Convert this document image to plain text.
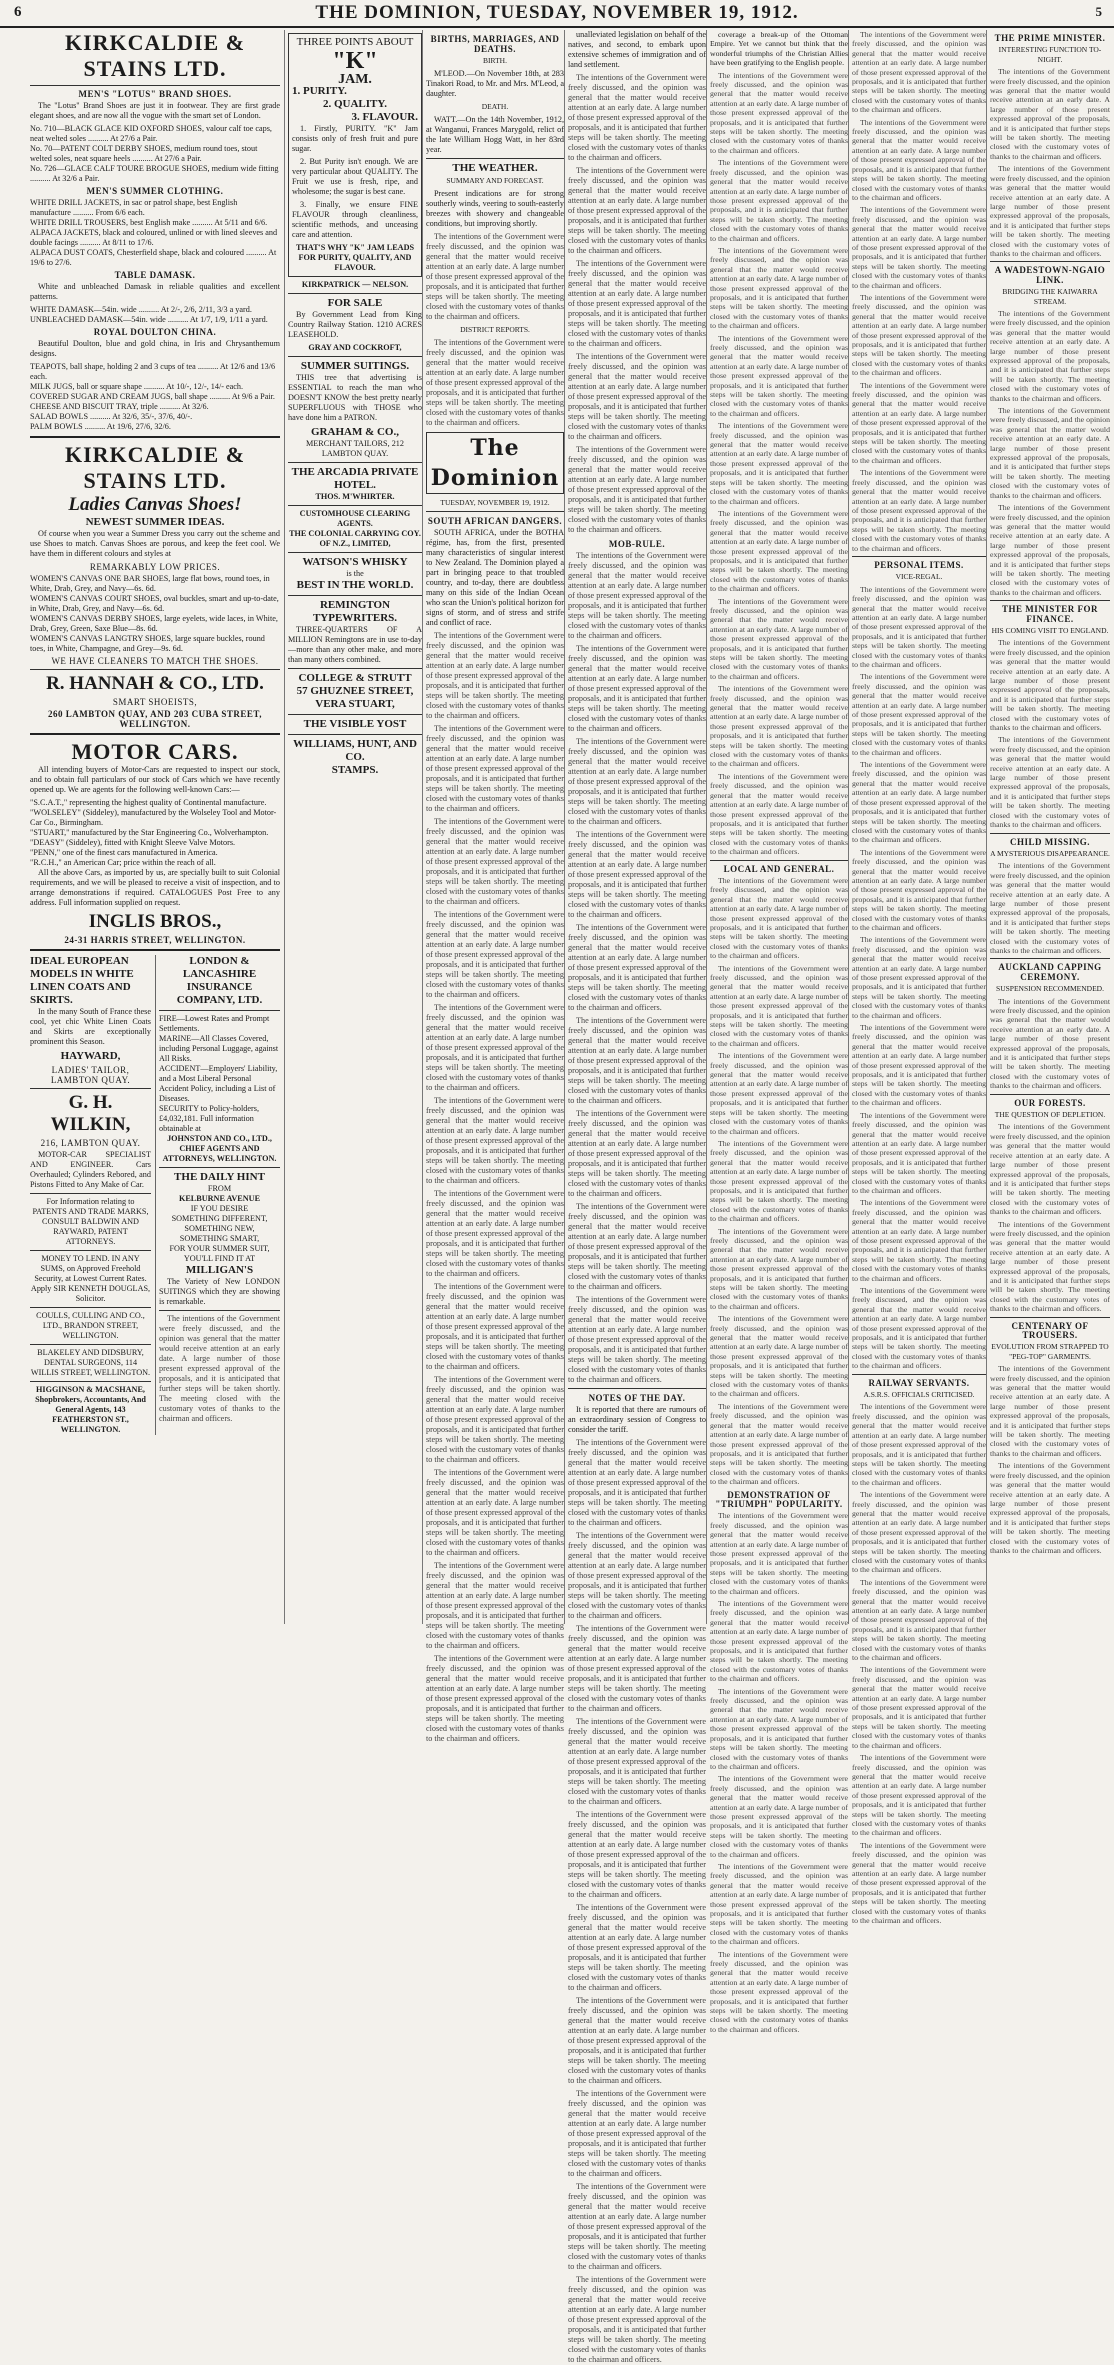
6	THE DOMINION, TUESDAY, NOVEMBER 19, 1912.	5
KIRKCALDIE & STAINS LTD.
MEN'S "LOTUS" BRAND SHOES.

The "Lotus" Brand Shoes are just it in footwear. They are first grade elegant shoes, and are now all the vogue with the smart set of London.

No. 710—BLACK GLACE KID OXFORD SHOES, valour calf toe caps, neat welted soles .......... At 27/6 a Pair.
No. 70—PATENT COLT DERBY SHOES, medium round toes, stout welted soles, neat square heels .......... At 27/6 a Pair.
No. 726—GLACE CALF TOURE BROGUE SHOES, medium wide fitting .......... At 32/6 a Pair.
MEN'S SUMMER CLOTHING.
WHITE DRILL JACKETS, in sac or patrol shape, best English manufacture .......... From 6/6 each.
WHITE DRILL TROUSERS, best English make .......... At 5/11 and 6/6.
ALPACA JACKETS, black and coloured, unlined or with lined sleeves and double facings .......... At 8/11 to 17/6.
ALPACA DUST COATS, Chesterfield shape, black and coloured .......... At 19/6 to 27/6.
TABLE DAMASK.

White and unbleached Damask in reliable qualities and excellent patterns.

WHITE DAMASK—54in. wide .......... At 2/-, 2/6, 2/11, 3/3 a yard.
UNBLEACHED DAMASK—54in. wide .......... At 1/7, 1/9, 1/11 a yard.
ROYAL DOULTON CHINA.

Beautiful Doulton, blue and gold china, in Iris and Chrysanthemum designs.

TEAPOTS, ball shape, holding 2 and 3 cups of tea .......... At 12/6 and 13/6 each.
MILK JUGS, ball or square shape .......... At 10/-, 12/-, 14/- each.
COVERED SUGAR AND CREAM JUGS, ball shape .......... At 9/6 a Pair.
CHEESE AND BISCUIT TRAY, triple .......... At 32/6.
SALAD BOWLS .......... At 32/6, 35/-, 37/6, 40/-.
PALM BOWLS .......... At 19/6, 27/6, 32/6.
KIRKCALDIE & STAINS LTD.
Ladies Canvas Shoes!
NEWEST SUMMER IDEAS.

Of course when you wear a Summer Dress you carry out the scheme and use Shoes to match. Canvas Shoes are porous, and keep the feet cool. We have them in different colours and styles at

REMARKABLY LOW PRICES.
WOMEN'S CANVAS ONE BAR SHOES, large flat bows, round toes, in White, Drab, Grey, and Navy—6s. 6d.
WOMEN'S CANVAS COURT SHOES, oval buckles, smart and up-to-date, in White, Drab, Grey, and Navy—6s. 6d.
WOMEN'S CANVAS DERBY SHOES, large eyelets, wide laces, in White, Drab, Grey, Green, Saxe Blue—8s. 6d.
WOMEN'S CANVAS LANGTRY SHOES, large square buckles, round toes, in White, Champagne, and Grey—9s. 6d.
WE HAVE CLEANERS TO MATCH THE SHOES.
R. HANNAH & CO., LTD.
SMART SHOEISTS,
260 LAMBTON QUAY, AND 203 CUBA STREET, WELLINGTON.
MOTOR CARS.

All intending buyers of Motor-Cars are requested to inspect our stock, and to obtain full particulars of our stock of Cars which we have recently opened up. We are agents for the following well-known Cars:—

"S.C.A.T.," representing the highest quality of Continental manufacture.
"WOLSELEY" (Siddeley), manufactured by the Wolseley Tool and Motor-Car Co., Birmingham.
"STUART," manufactured by the Star Engineering Co., Wolverhampton.
"DEASY" (Siddeley), fitted with Knight Sleeve Valve Motors.
"PENN," one of the finest cars manufactured in America.
"R.C.H.," an American Car; price within the reach of all.

All the above Cars, as imported by us, are specially built to suit Colonial requirements, and we will be pleased to receive a visit of inspection, and to arrange demonstrations if required. CATALOGUES Post Free to any address. Full information supplied on request.

INGLIS BROS.,
24-31 HARRIS STREET, WELLINGTON.
IDEAL EUROPEAN MODELS IN WHITE LINEN COATS AND SKIRTS.

In the many South of France these cool, yet chic White Linen Coats and Skirts are exceptionally prominent this Season.

HAYWARD,
LADIES' TAILOR, LAMBTON QUAY.
G. H. WILKIN,
216, LAMBTON QUAY.

MOTOR-CAR SPECIALIST AND ENGINEER. Cars Overhauled; Cylinders Rebored, and Pistons Fitted to Any Make of Car.

For Information relating to PATENTS AND TRADE MARKS, CONSULT BALDWIN AND RAYWARD, PATENT ATTORNEYS.
MONEY TO LEND. IN ANY SUMS, on Approved Freehold Security, at Lowest Current Rates. Apply SIR KENNETH DOUGLAS, Solicitor.
COULLS, CULLING AND CO., LTD., BRANDON STREET, WELLINGTON.
BLAKELEY AND DIDSBURY, DENTAL SURGEONS, 114 WILLIS STREET, WELLINGTON.
HIGGINSON & MACSHANE, Shopbrokers, Accountants, And General Agents, 143 FEATHERSTON ST., WELLINGTON.
LONDON & LANCASHIRE INSURANCE COMPANY, LTD.
FIRE—Lowest Rates and Prompt Settlements.
MARINE—All Classes Covered, including Personal Luggage, against All Risks.
ACCIDENT—Employers' Liability, and a Most Liberal Personal Accident Policy, including a List of Diseases.
SECURITY to Policy-holders, £4,032,181. Full information obtainable at
JOHNSTON AND CO., LTD., CHIEF AGENTS AND ATTORNEYS, WELLINGTON.
THE DAILY HINT
FROM
KELBURNE AVENUE
IF YOU DESIRE
SOMETHING DIFFERENT,
SOMETHING NEW,
SOMETHING SMART,
FOR YOUR SUMMER SUIT, YOU'LL FIND IT AT
MILLIGAN'S

The Variety of New LONDON SUITINGS which they are showing is remarkable.

The intentions of the Government were freely discussed, and the opinion was general that the matter would receive attention at an early date. A large number of those present expressed approval of the proposals, and it is anticipated that further steps will be taken shortly. The meeting closed with the customary votes of thanks to the chairman and officers.

THREE POINTS ABOUT
"K"
JAM.
1. PURITY.
2. QUALITY.
3. FLAVOUR.

1. Firstly, PURITY. "K" Jam consists only of fresh fruit and pure sugar.

2. But Purity isn't enough. We are very particular about QUALITY. The Fruit we use is fresh, ripe, and wholesome; the sugar is best cane.

3. Finally, we ensure FINE FLAVOUR through cleanliness, scientific methods, and unceasing care and attention.

THAT'S WHY "K" JAM LEADS FOR PURITY, QUALITY, AND FLAVOUR.
KIRKPATRICK — NELSON.
FOR SALE

By Government Lead from King Country Railway Station. 1210 ACRES LEASEHOLD.

GRAY AND COCKROFT,
SUMMER SUITINGS.

THIS tree that advertising is ESSENTIAL to reach the man who DOESN'T KNOW the best pretty nearly SUPERFLUOUS with THOSE who have done him a PATRON.

GRAHAM & CO.,
MERCHANT TAILORS, 212 LAMBTON QUAY.
THE ARCADIA PRIVATE HOTEL.
THOS. M'WHIRTER.
CUSTOMHOUSE CLEARING AGENTS.
THE COLONIAL CARRYING COY. OF N.Z., LIMITED,
WATSON'S WHISKY
is the
BEST IN THE WORLD.
REMINGTON TYPEWRITERS.

THREE-QUARTERS OF A MILLION Remingtons are in use to-day—more than any other make, and more than many others combined.

COLLEGE & STRUTT
57 GHUZNEE STREET,
VERA STUART,
THE VISIBLE YOST
WILLIAMS, HUNT, AND CO.
STAMPS.
BIRTHS, MARRIAGES, AND DEATHS.
BIRTH.

M'LEOD.—On November 18th, at 283 Tinakori Road, to Mr. and Mrs. M'Leod, a daughter.

DEATH.

WATT.—On the 14th November, 1912, at Wanganui, Frances Marygold, relict of the late William Hogg Watt, in her 83rd year.

THE WEATHER.
SUMMARY AND FORECAST.

Present indications are for strong southerly winds, veering to south-easterly breezes with showery and changeable conditions, but improving shortly.

The intentions of the Government were freely discussed, and the opinion was general that the matter would receive attention at an early date. A large number of those present expressed approval of the proposals, and it is anticipated that further steps will be taken shortly. The meeting closed with the customary votes of thanks to the chairman and officers.

DISTRICT REPORTS.

The intentions of the Government were freely discussed, and the opinion was general that the matter would receive attention at an early date. A large number of those present expressed approval of the proposals, and it is anticipated that further steps will be taken shortly. The meeting closed with the customary votes of thanks to the chairman and officers.

The Dominion
TUESDAY, NOVEMBER 19, 1912.
SOUTH AFRICAN DANGERS.

SOUTH AFRICA, under the BOTHA régime, has, from the first, presented many characteristics of singular interest to New Zealand. The Dominion played a part in bringing peace to that troubled country, and to-day, there are doubtless many on this side of the Indian Ocean who scan the Union's political horizon for signs of storm, and of stress and strife and conflict of race.

The intentions of the Government were freely discussed, and the opinion was general that the matter would receive attention at an early date. A large number of those present expressed approval of the proposals, and it is anticipated that further steps will be taken shortly. The meeting closed with the customary votes of thanks to the chairman and officers.

The intentions of the Government were freely discussed, and the opinion was general that the matter would receive attention at an early date. A large number of those present expressed approval of the proposals, and it is anticipated that further steps will be taken shortly. The meeting closed with the customary votes of thanks to the chairman and officers.

The intentions of the Government were freely discussed, and the opinion was general that the matter would receive attention at an early date. A large number of those present expressed approval of the proposals, and it is anticipated that further steps will be taken shortly. The meeting closed with the customary votes of thanks to the chairman and officers.

The intentions of the Government were freely discussed, and the opinion was general that the matter would receive attention at an early date. A large number of those present expressed approval of the proposals, and it is anticipated that further steps will be taken shortly. The meeting closed with the customary votes of thanks to the chairman and officers.

The intentions of the Government were freely discussed, and the opinion was general that the matter would receive attention at an early date. A large number of those present expressed approval of the proposals, and it is anticipated that further steps will be taken shortly. The meeting closed with the customary votes of thanks to the chairman and officers.

The intentions of the Government were freely discussed, and the opinion was general that the matter would receive attention at an early date. A large number of those present expressed approval of the proposals, and it is anticipated that further steps will be taken shortly. The meeting closed with the customary votes of thanks to the chairman and officers.

The intentions of the Government were freely discussed, and the opinion was general that the matter would receive attention at an early date. A large number of those present expressed approval of the proposals, and it is anticipated that further steps will be taken shortly. The meeting closed with the customary votes of thanks to the chairman and officers.

The intentions of the Government were freely discussed, and the opinion was general that the matter would receive attention at an early date. A large number of those present expressed approval of the proposals, and it is anticipated that further steps will be taken shortly. The meeting closed with the customary votes of thanks to the chairman and officers.

The intentions of the Government were freely discussed, and the opinion was general that the matter would receive attention at an early date. A large number of those present expressed approval of the proposals, and it is anticipated that further steps will be taken shortly. The meeting closed with the customary votes of thanks to the chairman and officers.

The intentions of the Government were freely discussed, and the opinion was general that the matter would receive attention at an early date. A large number of those present expressed approval of the proposals, and it is anticipated that further steps will be taken shortly. The meeting closed with the customary votes of thanks to the chairman and officers.

The intentions of the Government were freely discussed, and the opinion was general that the matter would receive attention at an early date. A large number of those present expressed approval of the proposals, and it is anticipated that further steps will be taken shortly. The meeting closed with the customary votes of thanks to the chairman and officers.

The intentions of the Government were freely discussed, and the opinion was general that the matter would receive attention at an early date. A large number of those present expressed approval of the proposals, and it is anticipated that further steps will be taken shortly. The meeting closed with the customary votes of thanks to the chairman and officers.

unalleviated legislation on behalf of the natives, and second, to embark upon extensive schemes of immigration and of land settlement.

The intentions of the Government were freely discussed, and the opinion was general that the matter would receive attention at an early date. A large number of those present expressed approval of the proposals, and it is anticipated that further steps will be taken shortly. The meeting closed with the customary votes of thanks to the chairman and officers.

The intentions of the Government were freely discussed, and the opinion was general that the matter would receive attention at an early date. A large number of those present expressed approval of the proposals, and it is anticipated that further steps will be taken shortly. The meeting closed with the customary votes of thanks to the chairman and officers.

The intentions of the Government were freely discussed, and the opinion was general that the matter would receive attention at an early date. A large number of those present expressed approval of the proposals, and it is anticipated that further steps will be taken shortly. The meeting closed with the customary votes of thanks to the chairman and officers.

The intentions of the Government were freely discussed, and the opinion was general that the matter would receive attention at an early date. A large number of those present expressed approval of the proposals, and it is anticipated that further steps will be taken shortly. The meeting closed with the customary votes of thanks to the chairman and officers.

The intentions of the Government were freely discussed, and the opinion was general that the matter would receive attention at an early date. A large number of those present expressed approval of the proposals, and it is anticipated that further steps will be taken shortly. The meeting closed with the customary votes of thanks to the chairman and officers.

MOB-RULE.

The intentions of the Government were freely discussed, and the opinion was general that the matter would receive attention at an early date. A large number of those present expressed approval of the proposals, and it is anticipated that further steps will be taken shortly. The meeting closed with the customary votes of thanks to the chairman and officers.

The intentions of the Government were freely discussed, and the opinion was general that the matter would receive attention at an early date. A large number of those present expressed approval of the proposals, and it is anticipated that further steps will be taken shortly. The meeting closed with the customary votes of thanks to the chairman and officers.

The intentions of the Government were freely discussed, and the opinion was general that the matter would receive attention at an early date. A large number of those present expressed approval of the proposals, and it is anticipated that further steps will be taken shortly. The meeting closed with the customary votes of thanks to the chairman and officers.

The intentions of the Government were freely discussed, and the opinion was general that the matter would receive attention at an early date. A large number of those present expressed approval of the proposals, and it is anticipated that further steps will be taken shortly. The meeting closed with the customary votes of thanks to the chairman and officers.

The intentions of the Government were freely discussed, and the opinion was general that the matter would receive attention at an early date. A large number of those present expressed approval of the proposals, and it is anticipated that further steps will be taken shortly. The meeting closed with the customary votes of thanks to the chairman and officers.

The intentions of the Government were freely discussed, and the opinion was general that the matter would receive attention at an early date. A large number of those present expressed approval of the proposals, and it is anticipated that further steps will be taken shortly. The meeting closed with the customary votes of thanks to the chairman and officers.

The intentions of the Government were freely discussed, and the opinion was general that the matter would receive attention at an early date. A large number of those present expressed approval of the proposals, and it is anticipated that further steps will be taken shortly. The meeting closed with the customary votes of thanks to the chairman and officers.

The intentions of the Government were freely discussed, and the opinion was general that the matter would receive attention at an early date. A large number of those present expressed approval of the proposals, and it is anticipated that further steps will be taken shortly. The meeting closed with the customary votes of thanks to the chairman and officers.

The intentions of the Government were freely discussed, and the opinion was general that the matter would receive attention at an early date. A large number of those present expressed approval of the proposals, and it is anticipated that further steps will be taken shortly. The meeting closed with the customary votes of thanks to the chairman and officers.

NOTES OF THE DAY.

It is reported that there are rumours of an extraordinary session of Congress to consider the tariff.

The intentions of the Government were freely discussed, and the opinion was general that the matter would receive attention at an early date. A large number of those present expressed approval of the proposals, and it is anticipated that further steps will be taken shortly. The meeting closed with the customary votes of thanks to the chairman and officers.

The intentions of the Government were freely discussed, and the opinion was general that the matter would receive attention at an early date. A large number of those present expressed approval of the proposals, and it is anticipated that further steps will be taken shortly. The meeting closed with the customary votes of thanks to the chairman and officers.

The intentions of the Government were freely discussed, and the opinion was general that the matter would receive attention at an early date. A large number of those present expressed approval of the proposals, and it is anticipated that further steps will be taken shortly. The meeting closed with the customary votes of thanks to the chairman and officers.

The intentions of the Government were freely discussed, and the opinion was general that the matter would receive attention at an early date. A large number of those present expressed approval of the proposals, and it is anticipated that further steps will be taken shortly. The meeting closed with the customary votes of thanks to the chairman and officers.

The intentions of the Government were freely discussed, and the opinion was general that the matter would receive attention at an early date. A large number of those present expressed approval of the proposals, and it is anticipated that further steps will be taken shortly. The meeting closed with the customary votes of thanks to the chairman and officers.

The intentions of the Government were freely discussed, and the opinion was general that the matter would receive attention at an early date. A large number of those present expressed approval of the proposals, and it is anticipated that further steps will be taken shortly. The meeting closed with the customary votes of thanks to the chairman and officers.

The intentions of the Government were freely discussed, and the opinion was general that the matter would receive attention at an early date. A large number of those present expressed approval of the proposals, and it is anticipated that further steps will be taken shortly. The meeting closed with the customary votes of thanks to the chairman and officers.

The intentions of the Government were freely discussed, and the opinion was general that the matter would receive attention at an early date. A large number of those present expressed approval of the proposals, and it is anticipated that further steps will be taken shortly. The meeting closed with the customary votes of thanks to the chairman and officers.

The intentions of the Government were freely discussed, and the opinion was general that the matter would receive attention at an early date. A large number of those present expressed approval of the proposals, and it is anticipated that further steps will be taken shortly. The meeting closed with the customary votes of thanks to the chairman and officers.

The intentions of the Government were freely discussed, and the opinion was general that the matter would receive attention at an early date. A large number of those present expressed approval of the proposals, and it is anticipated that further steps will be taken shortly. The meeting closed with the customary votes of thanks to the chairman and officers.

coverage a break-up of the Ottoman Empire. Yet we cannot but think that the wonderful triumphs of the Christian Allies have been gratifying to the English people.

The intentions of the Government were freely discussed, and the opinion was general that the matter would receive attention at an early date. A large number of those present expressed approval of the proposals, and it is anticipated that further steps will be taken shortly. The meeting closed with the customary votes of thanks to the chairman and officers.

The intentions of the Government were freely discussed, and the opinion was general that the matter would receive attention at an early date. A large number of those present expressed approval of the proposals, and it is anticipated that further steps will be taken shortly. The meeting closed with the customary votes of thanks to the chairman and officers.

The intentions of the Government were freely discussed, and the opinion was general that the matter would receive attention at an early date. A large number of those present expressed approval of the proposals, and it is anticipated that further steps will be taken shortly. The meeting closed with the customary votes of thanks to the chairman and officers.

The intentions of the Government were freely discussed, and the opinion was general that the matter would receive attention at an early date. A large number of those present expressed approval of the proposals, and it is anticipated that further steps will be taken shortly. The meeting closed with the customary votes of thanks to the chairman and officers.

The intentions of the Government were freely discussed, and the opinion was general that the matter would receive attention at an early date. A large number of those present expressed approval of the proposals, and it is anticipated that further steps will be taken shortly. The meeting closed with the customary votes of thanks to the chairman and officers.

The intentions of the Government were freely discussed, and the opinion was general that the matter would receive attention at an early date. A large number of those present expressed approval of the proposals, and it is anticipated that further steps will be taken shortly. The meeting closed with the customary votes of thanks to the chairman and officers.

The intentions of the Government were freely discussed, and the opinion was general that the matter would receive attention at an early date. A large number of those present expressed approval of the proposals, and it is anticipated that further steps will be taken shortly. The meeting closed with the customary votes of thanks to the chairman and officers.

The intentions of the Government were freely discussed, and the opinion was general that the matter would receive attention at an early date. A large number of those present expressed approval of the proposals, and it is anticipated that further steps will be taken shortly. The meeting closed with the customary votes of thanks to the chairman and officers.

The intentions of the Government were freely discussed, and the opinion was general that the matter would receive attention at an early date. A large number of those present expressed approval of the proposals, and it is anticipated that further steps will be taken shortly. The meeting closed with the customary votes of thanks to the chairman and officers.

LOCAL AND GENERAL.

The intentions of the Government were freely discussed, and the opinion was general that the matter would receive attention at an early date. A large number of those present expressed approval of the proposals, and it is anticipated that further steps will be taken shortly. The meeting closed with the customary votes of thanks to the chairman and officers.

The intentions of the Government were freely discussed, and the opinion was general that the matter would receive attention at an early date. A large number of those present expressed approval of the proposals, and it is anticipated that further steps will be taken shortly. The meeting closed with the customary votes of thanks to the chairman and officers.

The intentions of the Government were freely discussed, and the opinion was general that the matter would receive attention at an early date. A large number of those present expressed approval of the proposals, and it is anticipated that further steps will be taken shortly. The meeting closed with the customary votes of thanks to the chairman and officers.

The intentions of the Government were freely discussed, and the opinion was general that the matter would receive attention at an early date. A large number of those present expressed approval of the proposals, and it is anticipated that further steps will be taken shortly. The meeting closed with the customary votes of thanks to the chairman and officers.

The intentions of the Government were freely discussed, and the opinion was general that the matter would receive attention at an early date. A large number of those present expressed approval of the proposals, and it is anticipated that further steps will be taken shortly. The meeting closed with the customary votes of thanks to the chairman and officers.

The intentions of the Government were freely discussed, and the opinion was general that the matter would receive attention at an early date. A large number of those present expressed approval of the proposals, and it is anticipated that further steps will be taken shortly. The meeting closed with the customary votes of thanks to the chairman and officers.

The intentions of the Government were freely discussed, and the opinion was general that the matter would receive attention at an early date. A large number of those present expressed approval of the proposals, and it is anticipated that further steps will be taken shortly. The meeting closed with the customary votes of thanks to the chairman and officers.

DEMONSTRATION OF "TRIUMPH" POPULARITY.

The intentions of the Government were freely discussed, and the opinion was general that the matter would receive attention at an early date. A large number of those present expressed approval of the proposals, and it is anticipated that further steps will be taken shortly. The meeting closed with the customary votes of thanks to the chairman and officers.

The intentions of the Government were freely discussed, and the opinion was general that the matter would receive attention at an early date. A large number of those present expressed approval of the proposals, and it is anticipated that further steps will be taken shortly. The meeting closed with the customary votes of thanks to the chairman and officers.

The intentions of the Government were freely discussed, and the opinion was general that the matter would receive attention at an early date. A large number of those present expressed approval of the proposals, and it is anticipated that further steps will be taken shortly. The meeting closed with the customary votes of thanks to the chairman and officers.

The intentions of the Government were freely discussed, and the opinion was general that the matter would receive attention at an early date. A large number of those present expressed approval of the proposals, and it is anticipated that further steps will be taken shortly. The meeting closed with the customary votes of thanks to the chairman and officers.

The intentions of the Government were freely discussed, and the opinion was general that the matter would receive attention at an early date. A large number of those present expressed approval of the proposals, and it is anticipated that further steps will be taken shortly. The meeting closed with the customary votes of thanks to the chairman and officers.

The intentions of the Government were freely discussed, and the opinion was general that the matter would receive attention at an early date. A large number of those present expressed approval of the proposals, and it is anticipated that further steps will be taken shortly. The meeting closed with the customary votes of thanks to the chairman and officers.

The intentions of the Government were freely discussed, and the opinion was general that the matter would receive attention at an early date. A large number of those present expressed approval of the proposals, and it is anticipated that further steps will be taken shortly. The meeting closed with the customary votes of thanks to the chairman and officers.

The intentions of the Government were freely discussed, and the opinion was general that the matter would receive attention at an early date. A large number of those present expressed approval of the proposals, and it is anticipated that further steps will be taken shortly. The meeting closed with the customary votes of thanks to the chairman and officers.

The intentions of the Government were freely discussed, and the opinion was general that the matter would receive attention at an early date. A large number of those present expressed approval of the proposals, and it is anticipated that further steps will be taken shortly. The meeting closed with the customary votes of thanks to the chairman and officers.

The intentions of the Government were freely discussed, and the opinion was general that the matter would receive attention at an early date. A large number of those present expressed approval of the proposals, and it is anticipated that further steps will be taken shortly. The meeting closed with the customary votes of thanks to the chairman and officers.

The intentions of the Government were freely discussed, and the opinion was general that the matter would receive attention at an early date. A large number of those present expressed approval of the proposals, and it is anticipated that further steps will be taken shortly. The meeting closed with the customary votes of thanks to the chairman and officers.

The intentions of the Government were freely discussed, and the opinion was general that the matter would receive attention at an early date. A large number of those present expressed approval of the proposals, and it is anticipated that further steps will be taken shortly. The meeting closed with the customary votes of thanks to the chairman and officers.

PERSONAL ITEMS.
VICE-REGAL.

The intentions of the Government were freely discussed, and the opinion was general that the matter would receive attention at an early date. A large number of those present expressed approval of the proposals, and it is anticipated that further steps will be taken shortly. The meeting closed with the customary votes of thanks to the chairman and officers.

The intentions of the Government were freely discussed, and the opinion was general that the matter would receive attention at an early date. A large number of those present expressed approval of the proposals, and it is anticipated that further steps will be taken shortly. The meeting closed with the customary votes of thanks to the chairman and officers.

The intentions of the Government were freely discussed, and the opinion was general that the matter would receive attention at an early date. A large number of those present expressed approval of the proposals, and it is anticipated that further steps will be taken shortly. The meeting closed with the customary votes of thanks to the chairman and officers.

The intentions of the Government were freely discussed, and the opinion was general that the matter would receive attention at an early date. A large number of those present expressed approval of the proposals, and it is anticipated that further steps will be taken shortly. The meeting closed with the customary votes of thanks to the chairman and officers.

The intentions of the Government were freely discussed, and the opinion was general that the matter would receive attention at an early date. A large number of those present expressed approval of the proposals, and it is anticipated that further steps will be taken shortly. The meeting closed with the customary votes of thanks to the chairman and officers.

The intentions of the Government were freely discussed, and the opinion was general that the matter would receive attention at an early date. A large number of those present expressed approval of the proposals, and it is anticipated that further steps will be taken shortly. The meeting closed with the customary votes of thanks to the chairman and officers.

The intentions of the Government were freely discussed, and the opinion was general that the matter would receive attention at an early date. A large number of those present expressed approval of the proposals, and it is anticipated that further steps will be taken shortly. The meeting closed with the customary votes of thanks to the chairman and officers.

The intentions of the Government were freely discussed, and the opinion was general that the matter would receive attention at an early date. A large number of those present expressed approval of the proposals, and it is anticipated that further steps will be taken shortly. The meeting closed with the customary votes of thanks to the chairman and officers.

The intentions of the Government were freely discussed, and the opinion was general that the matter would receive attention at an early date. A large number of those present expressed approval of the proposals, and it is anticipated that further steps will be taken shortly. The meeting closed with the customary votes of thanks to the chairman and officers.

RAILWAY SERVANTS.
A.S.R.S. OFFICIALS CRITICISED.

The intentions of the Government were freely discussed, and the opinion was general that the matter would receive attention at an early date. A large number of those present expressed approval of the proposals, and it is anticipated that further steps will be taken shortly. The meeting closed with the customary votes of thanks to the chairman and officers.

The intentions of the Government were freely discussed, and the opinion was general that the matter would receive attention at an early date. A large number of those present expressed approval of the proposals, and it is anticipated that further steps will be taken shortly. The meeting closed with the customary votes of thanks to the chairman and officers.

The intentions of the Government were freely discussed, and the opinion was general that the matter would receive attention at an early date. A large number of those present expressed approval of the proposals, and it is anticipated that further steps will be taken shortly. The meeting closed with the customary votes of thanks to the chairman and officers.

The intentions of the Government were freely discussed, and the opinion was general that the matter would receive attention at an early date. A large number of those present expressed approval of the proposals, and it is anticipated that further steps will be taken shortly. The meeting closed with the customary votes of thanks to the chairman and officers.

The intentions of the Government were freely discussed, and the opinion was general that the matter would receive attention at an early date. A large number of those present expressed approval of the proposals, and it is anticipated that further steps will be taken shortly. The meeting closed with the customary votes of thanks to the chairman and officers.

The intentions of the Government were freely discussed, and the opinion was general that the matter would receive attention at an early date. A large number of those present expressed approval of the proposals, and it is anticipated that further steps will be taken shortly. The meeting closed with the customary votes of thanks to the chairman and officers.

THE PRIME MINISTER.
INTERESTING FUNCTION TO-NIGHT.

The intentions of the Government were freely discussed, and the opinion was general that the matter would receive attention at an early date. A large number of those present expressed approval of the proposals, and it is anticipated that further steps will be taken shortly. The meeting closed with the customary votes of thanks to the chairman and officers.

The intentions of the Government were freely discussed, and the opinion was general that the matter would receive attention at an early date. A large number of those present expressed approval of the proposals, and it is anticipated that further steps will be taken shortly. The meeting closed with the customary votes of thanks to the chairman and officers.

A WADESTOWN-NGAIO LINK.
BRIDGING THE KAIWARRA STREAM.

The intentions of the Government were freely discussed, and the opinion was general that the matter would receive attention at an early date. A large number of those present expressed approval of the proposals, and it is anticipated that further steps will be taken shortly. The meeting closed with the customary votes of thanks to the chairman and officers.

The intentions of the Government were freely discussed, and the opinion was general that the matter would receive attention at an early date. A large number of those present expressed approval of the proposals, and it is anticipated that further steps will be taken shortly. The meeting closed with the customary votes of thanks to the chairman and officers.

The intentions of the Government were freely discussed, and the opinion was general that the matter would receive attention at an early date. A large number of those present expressed approval of the proposals, and it is anticipated that further steps will be taken shortly. The meeting closed with the customary votes of thanks to the chairman and officers.

THE MINISTER FOR FINANCE.
HIS COMING VISIT TO ENGLAND.

The intentions of the Government were freely discussed, and the opinion was general that the matter would receive attention at an early date. A large number of those present expressed approval of the proposals, and it is anticipated that further steps will be taken shortly. The meeting closed with the customary votes of thanks to the chairman and officers.

The intentions of the Government were freely discussed, and the opinion was general that the matter would receive attention at an early date. A large number of those present expressed approval of the proposals, and it is anticipated that further steps will be taken shortly. The meeting closed with the customary votes of thanks to the chairman and officers.

CHILD MISSING.
A MYSTERIOUS DISAPPEARANCE.

The intentions of the Government were freely discussed, and the opinion was general that the matter would receive attention at an early date. A large number of those present expressed approval of the proposals, and it is anticipated that further steps will be taken shortly. The meeting closed with the customary votes of thanks to the chairman and officers.

AUCKLAND CAPPING CEREMONY.
SUSPENSION RECOMMENDED.

The intentions of the Government were freely discussed, and the opinion was general that the matter would receive attention at an early date. A large number of those present expressed approval of the proposals, and it is anticipated that further steps will be taken shortly. The meeting closed with the customary votes of thanks to the chairman and officers.

OUR FORESTS.
THE QUESTION OF DEPLETION.

The intentions of the Government were freely discussed, and the opinion was general that the matter would receive attention at an early date. A large number of those present expressed approval of the proposals, and it is anticipated that further steps will be taken shortly. The meeting closed with the customary votes of thanks to the chairman and officers.

The intentions of the Government were freely discussed, and the opinion was general that the matter would receive attention at an early date. A large number of those present expressed approval of the proposals, and it is anticipated that further steps will be taken shortly. The meeting closed with the customary votes of thanks to the chairman and officers.

CENTENARY OF TROUSERS.
EVOLUTION FROM STRAPPED TO "PEG-TOP" GARMENTS.

The intentions of the Government were freely discussed, and the opinion was general that the matter would receive attention at an early date. A large number of those present expressed approval of the proposals, and it is anticipated that further steps will be taken shortly. The meeting closed with the customary votes of thanks to the chairman and officers.

The intentions of the Government were freely discussed, and the opinion was general that the matter would receive attention at an early date. A large number of those present expressed approval of the proposals, and it is anticipated that further steps will be taken shortly. The meeting closed with the customary votes of thanks to the chairman and officers.
